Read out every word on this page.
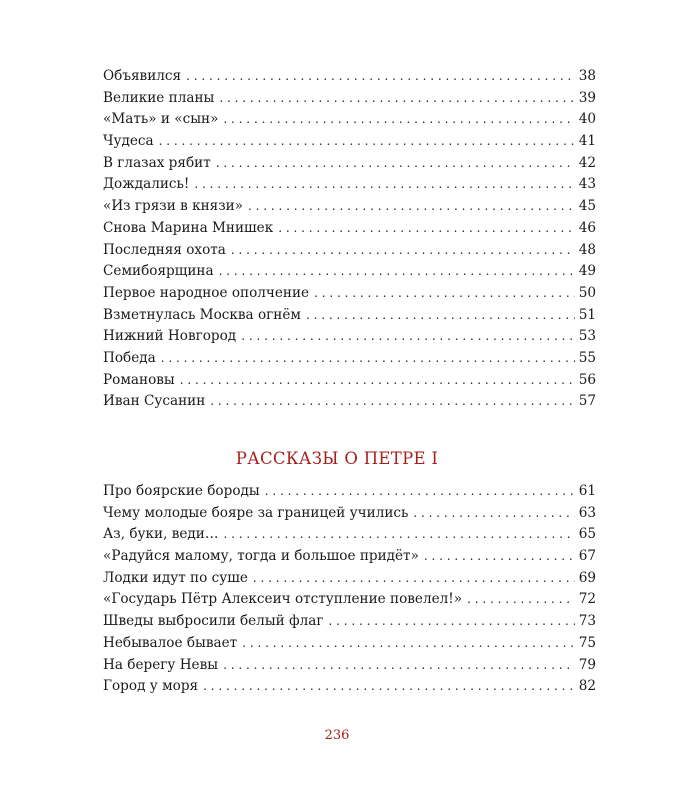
Объявился . . .	38
Великие планы . . .	39
«Мать» и «сын» . . .	40
Чудеса . . .	41
В глазах рябит . . .	42
Дождались! . . .	43
«Из грязи в князи» . . .	45
Снова Марина Мнишек . . .	46
Последняя охота . . .	48
Семибоярщина . . .	49
Первое народное ополчение . . .	50
Взметнулась Москва огнём . . .	51
Нижний Новгород . . .	53
Победа . . .	55
Романовы . . .	56
Иван Сусанин . . .	57
РАССКАЗЫ О ПЕТРЕ I
Про боярские бороды . . .	61
Чему молодые бояре за границей учились . . .	63
Аз, буки, веди… . . .	65
«Радуйся малому, тогда и большое придёт» . . .	67
Лодки идут по суше . . .	69
«Государь Пётр Алексеич отступление повелел!» . . .	72
Шведы выбросили белый флаг . . .	73
Небывалое бывает . . .	75
На берегу Невы . . .	79
Город у моря . . .	82
236
